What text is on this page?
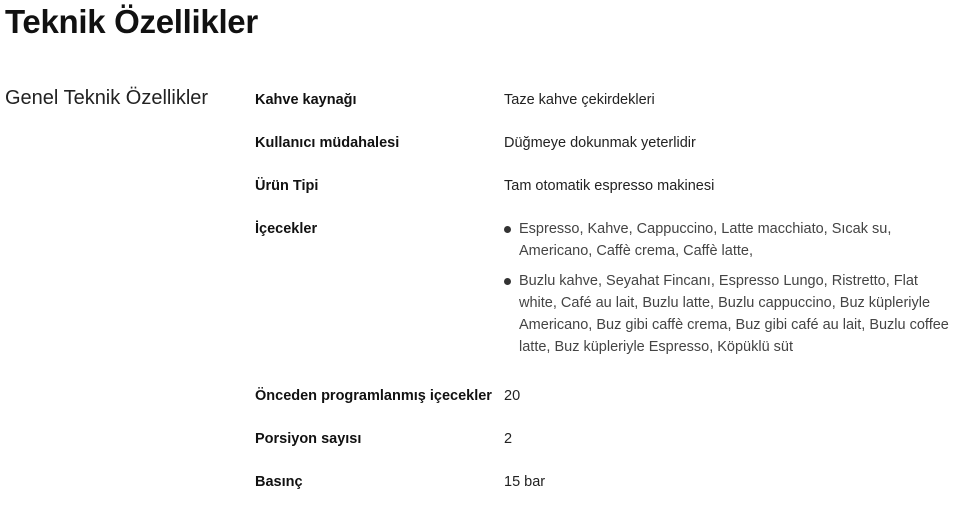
Teknik Özellikler
Genel Teknik Özellikler	Kahve kaynağı	Taze kahve çekirdekleri
Kullanıcı müdahalesi	Düğmeye dokunmak yeterlidir
Ürün Tipi	Tam otomatik espresso makinesi
İçecekler	Espresso, Kahve, Cappuccino, Latte macchiato, Sıcak su, Americano, Caffè crema, Caffè latte,
Buzlu kahve, Seyahat Fincanı, Espresso Lungo, Ristretto, Flat white, Café au lait, Buzlu latte, Buzlu cappuccino, Buz küpleriyle Americano, Buz gibi caffè crema, Buz gibi café au lait, Buzlu coffee latte, Buz küpleriyle Espresso, Köpüklü süt
Önceden programlanmış içecekler 20
Porsiyon sayısı	2
Basınç	15 bar
